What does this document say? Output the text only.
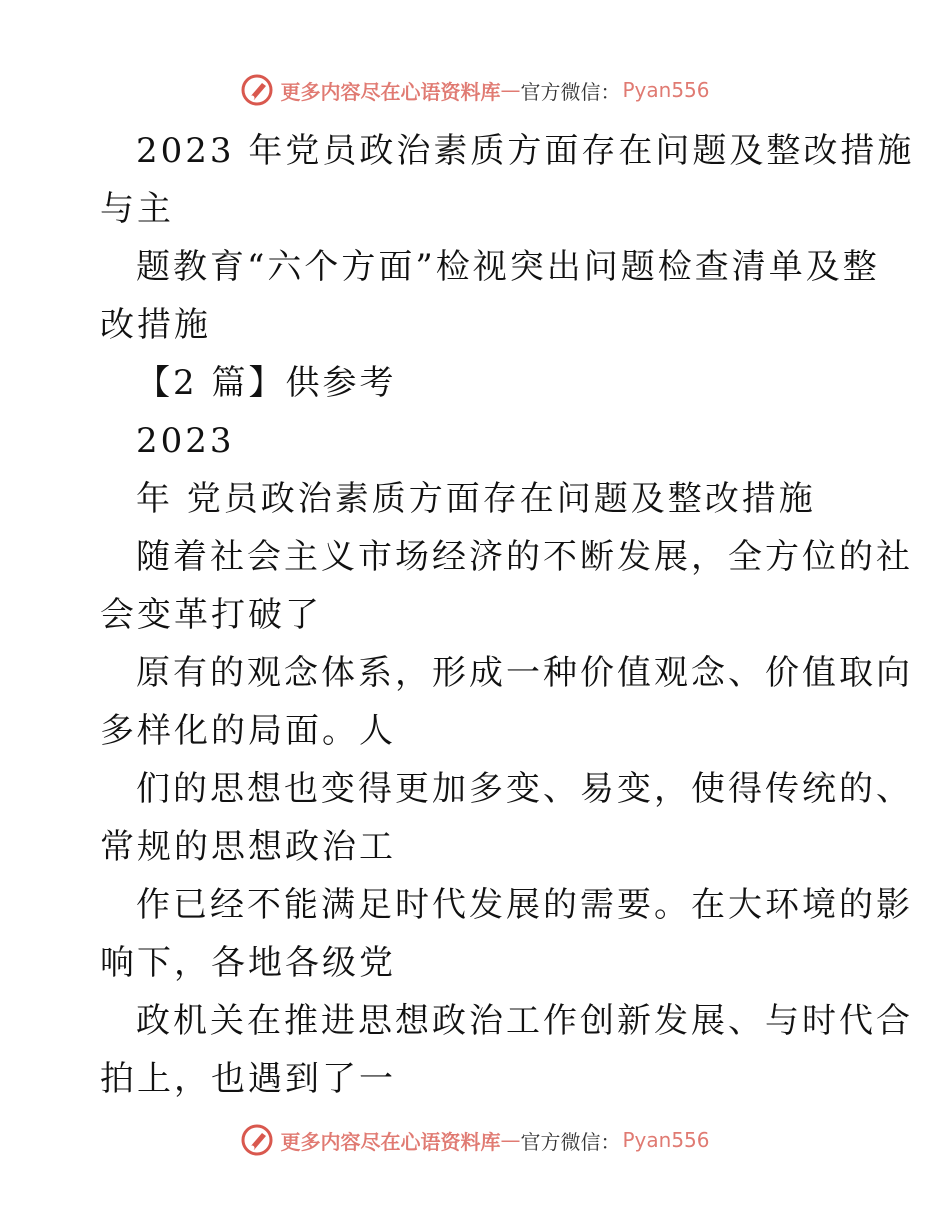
更多内容尽在心语资料库 — 官方微信： Pyan556
2023 年党员政治素质方面存在问题及整改措施
与主
题教育“六个方面”检视突出问题检查清单及整
改措施
【2 篇】供参考
2023
年 党员政治素质方面存在问题及整改措施
随着社会主义市场经济的不断发展，全方位的社
会变革打破了
原有的观念体系，形成一种价值观念、价值取向
多样化的局面。人
们的思想也变得更加多变、易变，使得传统的、
常规的思想政治工
作已经不能满足时代发展的需要。在大环境的影
响下，各地各级党
政机关在推进思想政治工作创新发展、与时代合
拍上，也遇到了一
更多内容尽在心语资料库 — 官方微信： Pyan556
